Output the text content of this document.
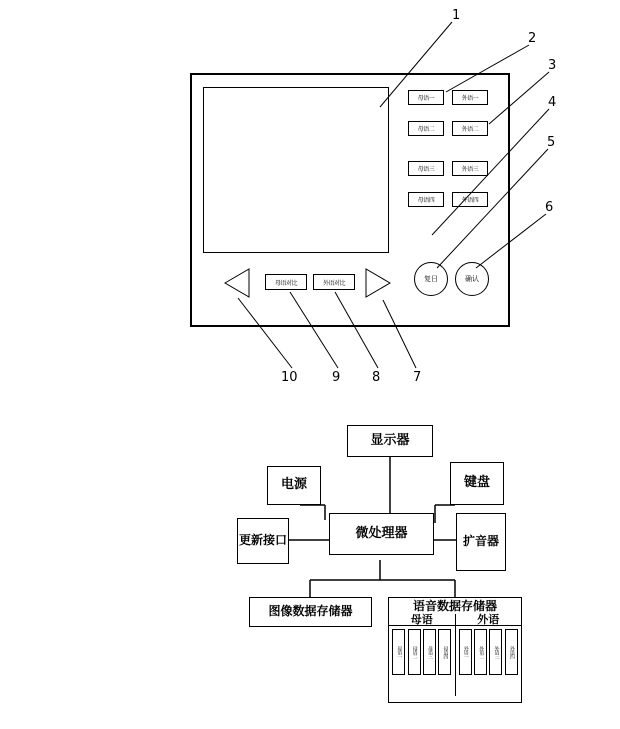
母语一
母语二
母语三
母语四
外语一
外语二
外语三
外语四
复日	确认
母语对比	外语对比
1
2
3
4
5
6
7
8
9
10
显示器
电源	键盘
更新接口	微处理器
扩音器
图像数据存储器	语音数据存储器
母语
母语一	母语二	母语三	母语四
外语
外语一	外语二	外语三	外语四
